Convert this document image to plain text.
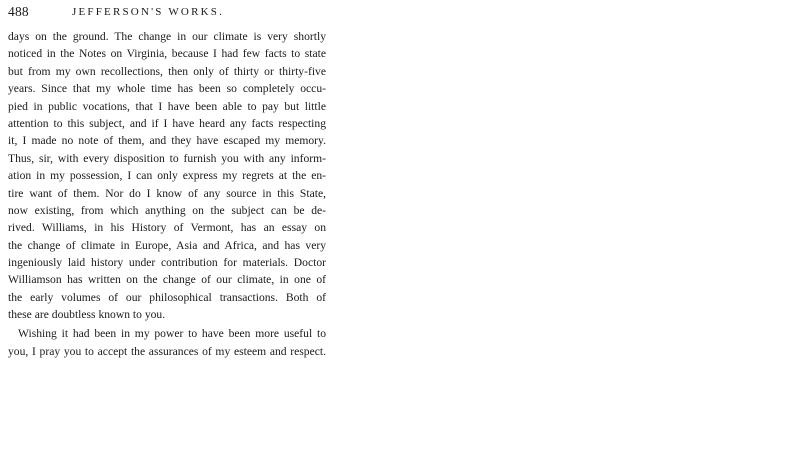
488	JEFFERSON'S WORKS.
days on the ground. The change in our climate is very shortly
noticed in the Notes on Virginia, because I had few facts to state
but from my own recollections, then only of thirty or thirty-five
years. Since that my whole time has been so completely occu-
pied in public vocations, that I have been able to pay but little
attention to this subject, and if I have heard any facts respecting
it, I made no note of them, and they have escaped my memory.
Thus, sir, with every disposition to furnish you with any inform-
ation in my possession, I can only express my regrets at the en-
tire want of them. Nor do I know of any source in this State,
now existing, from which anything on the subject can be de-
rived. Williams, in his History of Vermont, has an essay on
the change of climate in Europe, Asia and Africa, and has very
ingeniously laid history under contribution for materials. Doctor
Williamson has written on the change of our climate, in one of
the early volumes of our philosophical transactions. Both of
these are doubtless known to you.
Wishing it had been in my power to have been more useful to
you, I pray you to accept the assurances of my esteem and respect.
